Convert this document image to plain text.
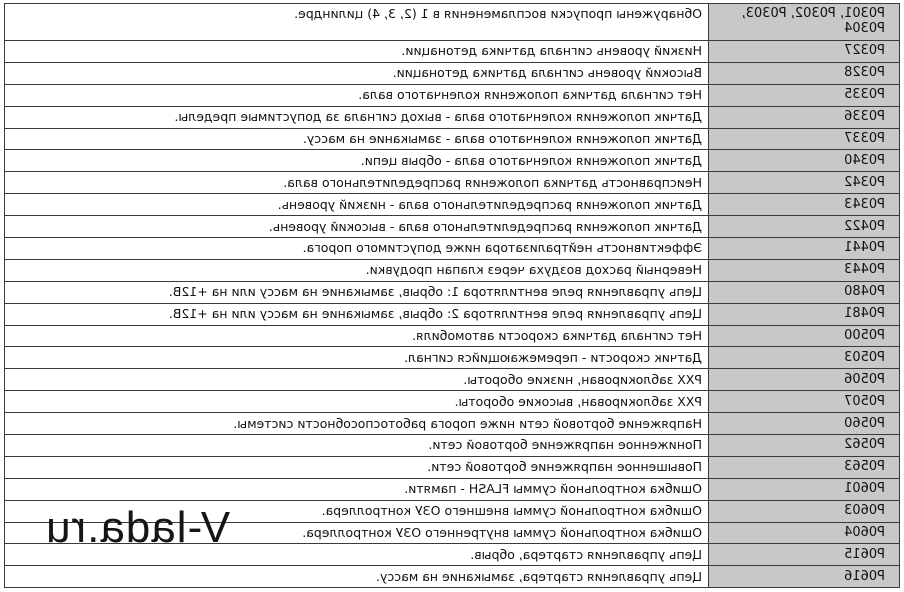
P0301, P0302, P0303, P0304	Обнаружены пропуски воспламенения в 1 (2, 3, 4) цилиндре.
P0327	Низкий уровень сигнала датчика детонации.
P0328	Высокий уровень сигнала датчика детонации.
P0335	Нет сигнала датчика положения коленчатого вала.
P0336	Датчик положения коленчатого вала - выход сигнала за допустимые пределы.
P0337	Датчик положения коленчатого вала - замыкание на массу.
P0340	Датчик положения коленчатого вала - обрыв цепи.
P0342	Неисправность датчика положения распределительного вала.
P0343	Датчик положения распределительного вала - низкий уровень.
P0422	Датчик положения распределительного вала - высокий уровень.
P0441	Эффективность нейтрализатора ниже допустимого порога.
P0443	Неверный расход воздуха через клапан продувки.
P0480	Цепь управления реле вентилятора 1: обрыв, замыкание на массу или на +12В.
P0481	Цепь управления реле вентилятора 2: обрыв, замыкание на массу или на +12В.
P0500	Нет сигнала датчика скорости автомобиля.
P0503	Датчик скорости - перемежающийся сигнал.
P0506	РХХ заблокирован, низкие обороты.
P0507	РХХ заблокирован, высокие обороты.
P0560	Напряжение бортовой сети ниже порога работоспособности системы.
P0562	Пониженное напряжение бортовой сети.
P0563	Повышенное напряжение бортовой сети.
P0601	Ошибка контрольной суммы FLASH - памяти.
P0603	Ошибка контрольной суммы внешнего ОЗУ контроллера.
P0604	Ошибка контрольной суммы внутреннего ОЗУ контроллера.
P0615	Цепь управления стартера, обрыв.
P0616	Цепь управления стартера, замыкание на массу.
V-lada.ru
